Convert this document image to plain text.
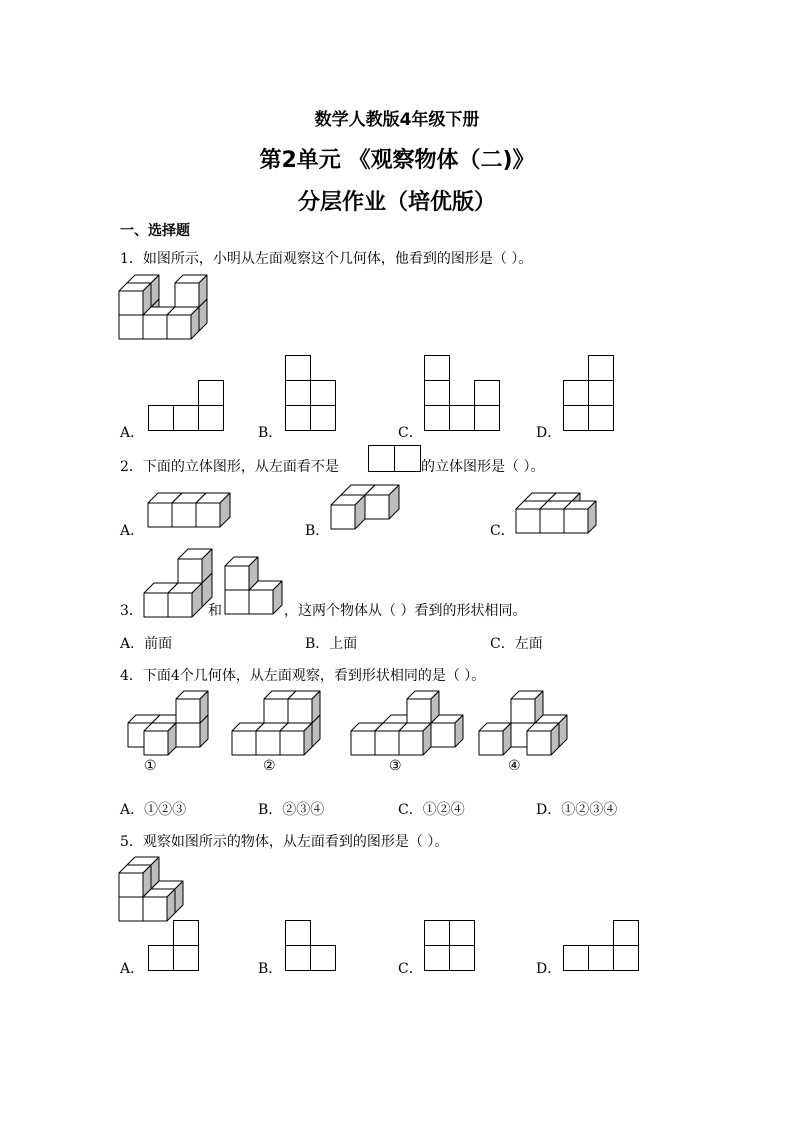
数学人教版4年级下册
第2单元 《观察物体（二)》
分层作业（培优版）
一、选择题
1．如图所示，小明从左面观察这个几何体，他看到的图形是（ ）。
A．	B．	C．	D．
2．下面的立体图形，从左面看不是	的立体图形是（ ）。
A．	B．	C．
3．	和	，这两个物体从（ ）看到的形状相同。
A．前面	B．上面	C．左面
4．下面4个几何体，从左面观察，看到形状相同的是（ ）。
①	②	③	④
A．①②③	B．②③④	C．①②④	D．①②③④
5．观察如图所示的物体，从左面看到的图形是（ ）。
A．	B．	C．	D．
